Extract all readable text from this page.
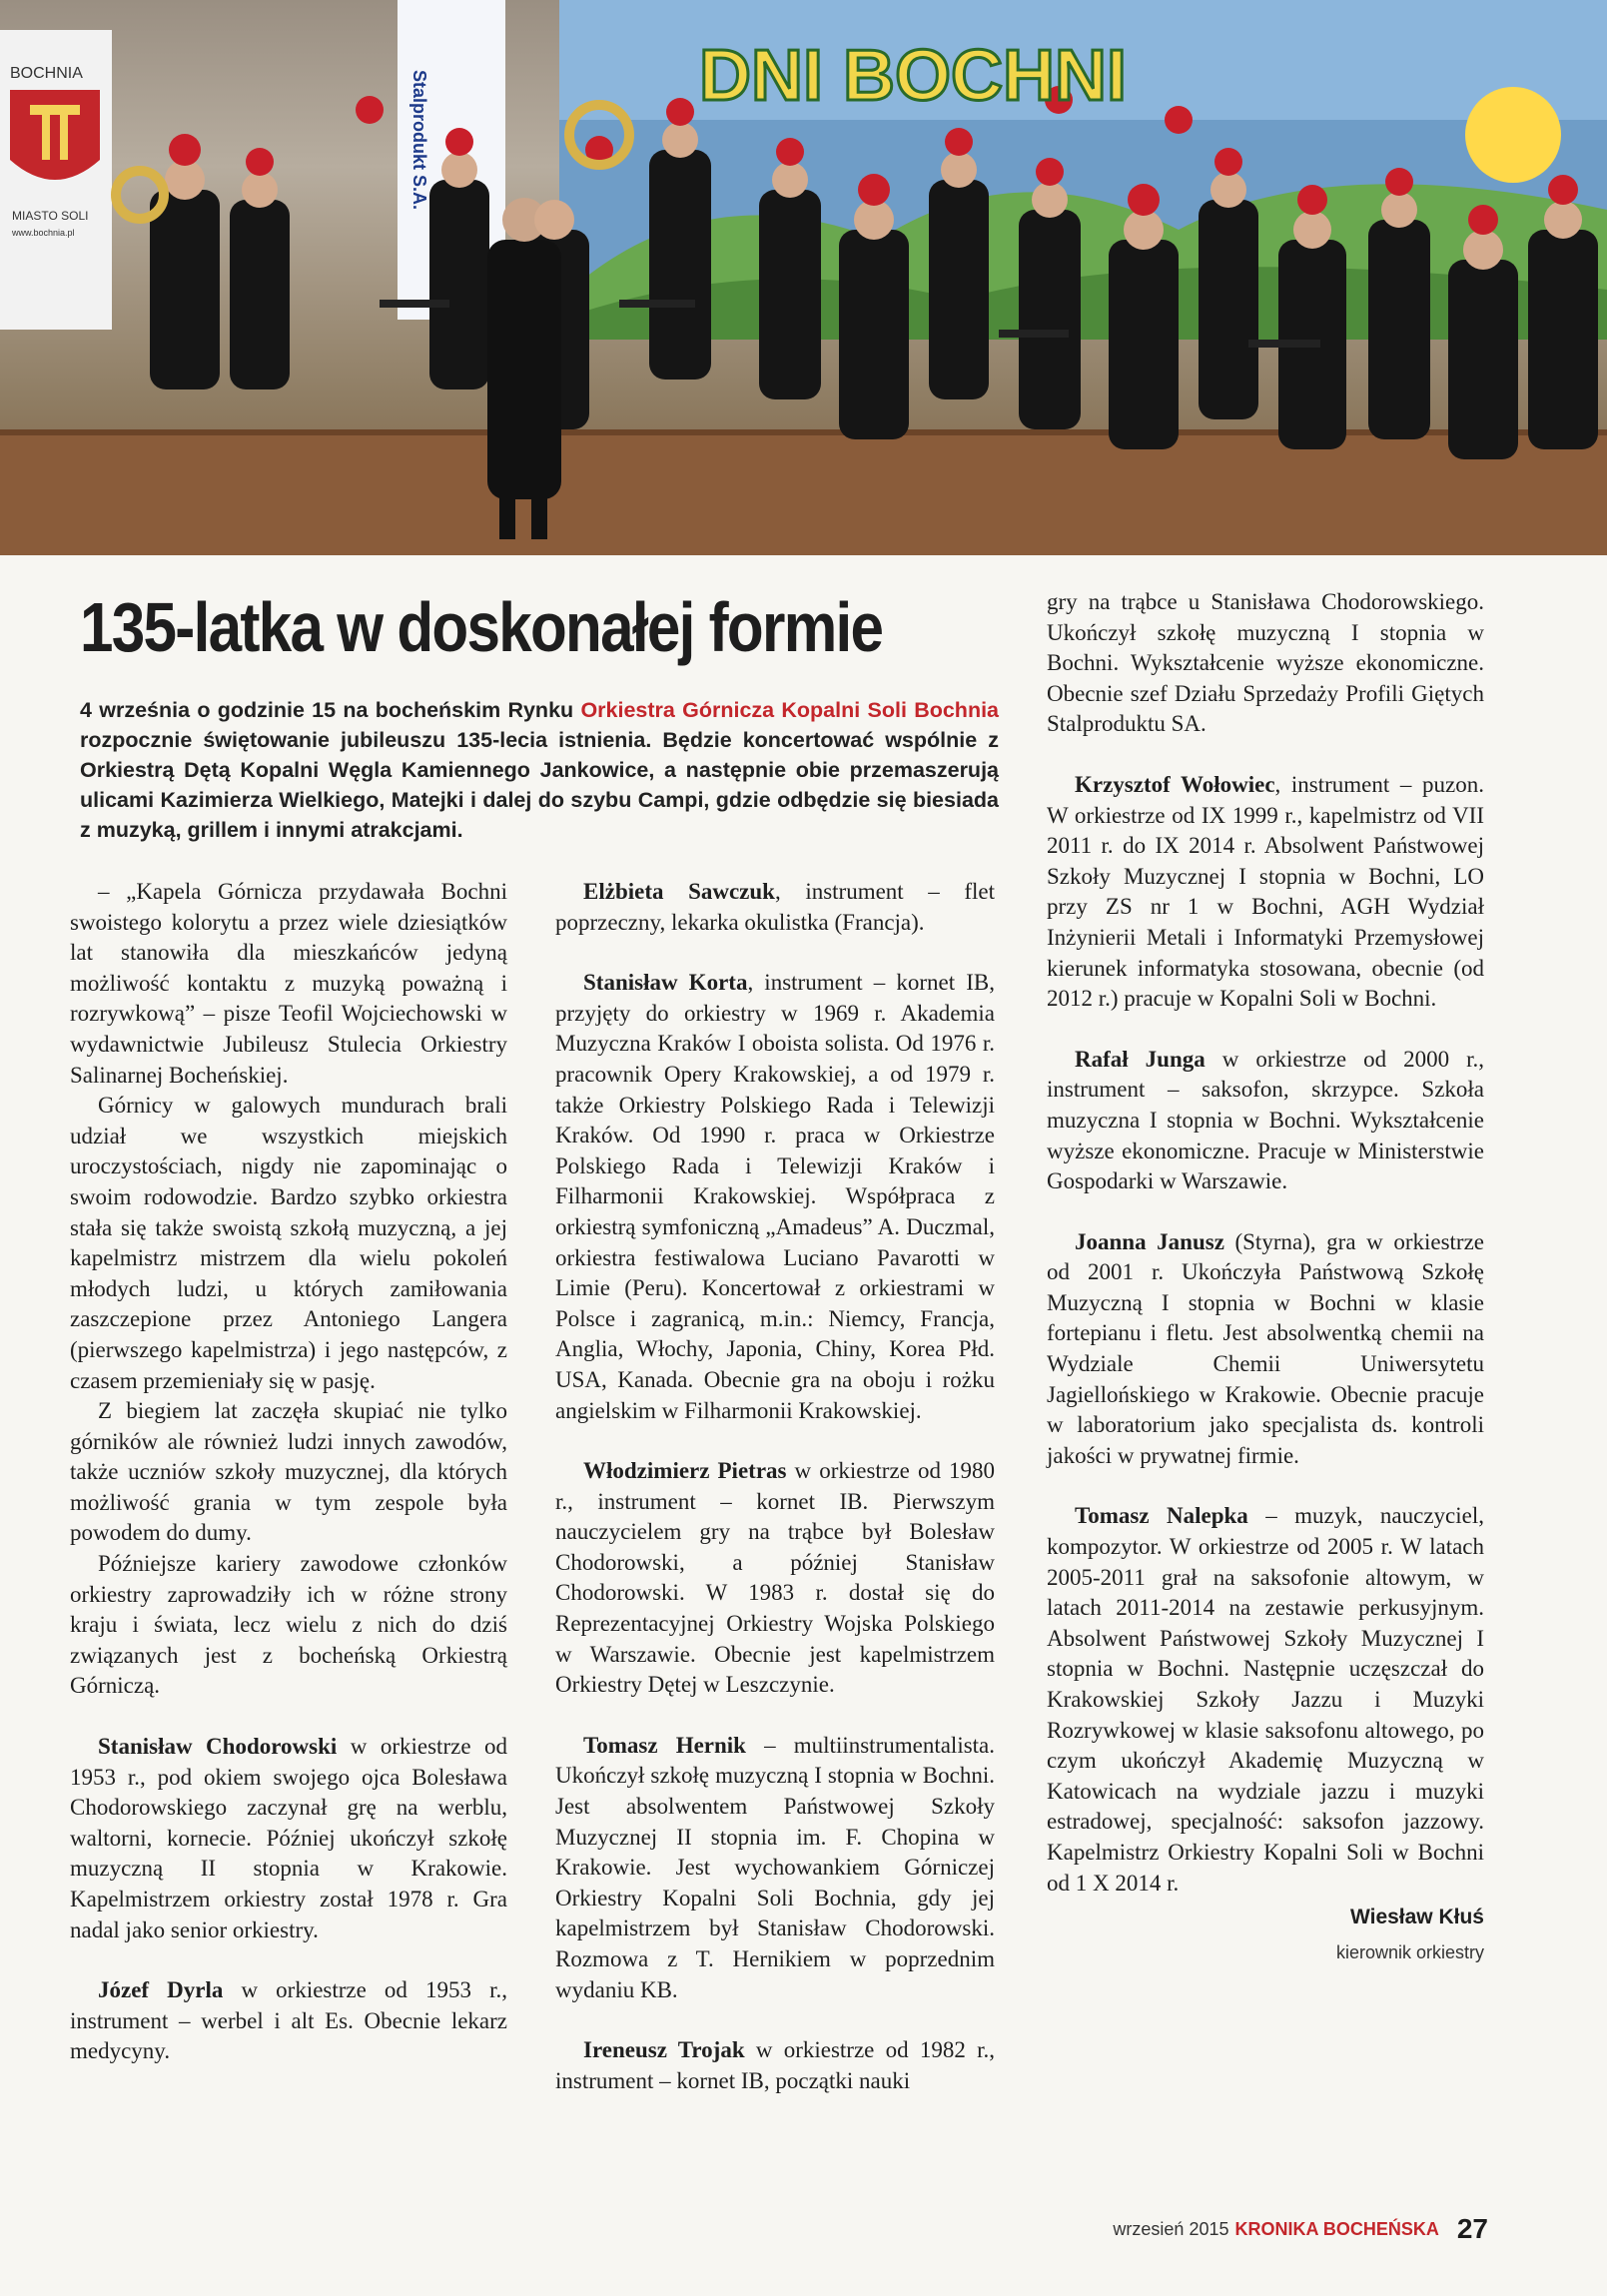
BOCHNIA
MIASTO SOLI
www.bochnia.pl
Stalprodukt S.A.	DNI BOCHNI
135-latka w doskonałej formie
4 września o godzinie 15 na bocheńskim Rynku Orkiestra Górnicza Kopalni Soli Bochnia rozpocznie świętowanie jubileuszu 135-lecia istnienia. Będzie koncertować wspólnie z Orkiestrą Dętą Kopalni Węgla Kamiennego Jankowice, a następnie obie przemaszerują ulicami Kazimierza Wielkiego, Matejki i dalej do szybu Campi, gdzie odbędzie się biesiada z muzyką, grillem i innymi atrakcjami.

– „Kapela Górnicza przydawała Bochni swoistego kolorytu a przez wiele dziesiątków lat stanowiła dla mieszkańców jedyną możliwość kontaktu z muzyką poważną i rozrywkową” – pisze Teofil Wojciechowski w wydawnictwie Jubileusz Stulecia Orkiestry Salinarnej Bocheńskiej.

Górnicy w galowych mundurach brali udział we wszystkich miejskich uroczystościach, nigdy nie zapominając o swoim rodowodzie. Bardzo szybko orkiestra stała się także swoistą szkołą muzyczną, a jej kapelmistrz mistrzem dla wielu pokoleń młodych ludzi, u których zamiłowania zaszczepione przez Antoniego Langera (pierwszego kapelmistrza) i jego następców, z czasem przemieniały się w pasję.

Z biegiem lat zaczęła skupiać nie tylko górników ale również ludzi innych zawodów, także uczniów szkoły muzycznej, dla których możliwość grania w tym zespole była powodem do dumy.

Późniejsze kariery zawodowe członków orkiestry zaprowadziły ich w różne strony kraju i świata, lecz wielu z nich do dziś związanych jest z bocheńską Orkiestrą Górniczą.

Stanisław Chodorowski w orkiestrze od 1953 r., pod okiem swojego ojca Bolesława Chodorowskiego zaczynał grę na werblu, waltorni, kornecie. Później ukończył szkołę muzyczną II stopnia w Krakowie. Kapelmistrzem orkiestry został 1978 r. Gra nadal jako senior orkiestry.

Józef Dyrla w orkiestrze od 1953 r., instrument – werbel i alt Es. Obecnie lekarz medycyny.

Elżbieta Sawczuk, instrument – flet poprzeczny, lekarka okulistka (Francja).

Stanisław Korta, instrument – kornet IB, przyjęty do orkiestry w 1969 r. Akademia Muzyczna Kraków I oboista solista. Od 1976 r. pracownik Opery Krakowskiej, a od 1979 r. także Orkiestry Polskiego Rada i Telewizji Kraków. Od 1990 r. praca w Orkiestrze Polskiego Rada i Telewizji Kraków i Filharmonii Krakowskiej. Współpraca z orkiestrą symfoniczną „Amadeus” A. Duczmal, orkiestra festiwalowa Luciano Pavarotti w Limie (Peru). Koncertował z orkiestrami w Polsce i zagranicą, m.in.: Niemcy, Francja, Anglia, Włochy, Japonia, Chiny, Korea Płd. USA, Kanada. Obecnie gra na oboju i rożku angielskim w Filharmonii Krakowskiej.

Włodzimierz Pietras w orkiestrze od 1980 r., instrument – kornet IB. Pierwszym nauczycielem gry na trąbce był Bolesław Chodorowski, a później Stanisław Chodorowski. W 1983 r. dostał się do Reprezentacyjnej Orkiestry Wojska Polskiego w Warszawie. Obecnie jest kapelmistrzem Orkiestry Dętej w Leszczynie.

Tomasz Hernik – multiinstrumentalista. Ukończył szkołę muzyczną I stopnia w Bochni. Jest absolwentem Państwowej Szkoły Muzycznej II stopnia im. F. Chopina w Krakowie. Jest wychowankiem Górniczej Orkiestry Kopalni Soli Bochnia, gdy jej kapelmistrzem był Stanisław Chodorowski. Rozmowa z T. Hernikiem w poprzednim wydaniu KB.

Ireneusz Trojak w orkiestrze od 1982 r., instrument – kornet IB, początki nauki

gry na trąbce u Stanisława Chodorowskiego. Ukończył szkołę muzyczną I stopnia w Bochni. Wykształcenie wyższe ekonomiczne. Obecnie szef Działu Sprzedaży Profili Giętych Stalproduktu SA.

Krzysztof Wołowiec, instrument – puzon. W orkiestrze od IX 1999 r., kapelmistrz od VII 2011 r. do IX 2014 r. Absolwent Państwowej Szkoły Muzycznej I stopnia w Bochni, LO przy ZS nr 1 w Bochni, AGH Wydział Inżynierii Metali i Informatyki Przemysłowej kierunek informatyka stosowana, obecnie (od 2012 r.) pracuje w Kopalni Soli w Bochni.

Rafał Junga w orkiestrze od 2000 r., instrument – saksofon, skrzypce. Szkoła muzyczna I stopnia w Bochni. Wykształcenie wyższe ekonomiczne. Pracuje w Ministerstwie Gospodarki w Warszawie.

Joanna Janusz (Styrna), gra w orkiestrze od 2001 r. Ukończyła Państwową Szkołę Muzyczną I stopnia w Bochni w klasie fortepianu i fletu. Jest absolwentką chemii na Wydziale Chemii Uniwersytetu Jagiellońskiego w Krakowie. Obecnie pracuje w laboratorium jako specjalista ds. kontroli jakości w prywatnej firmie.

Tomasz Nalepka – muzyk, nauczyciel, kompozytor. W orkiestrze od 2005 r. W latach 2005-2011 grał na saksofonie altowym, w latach 2011-2014 na zestawie perkusyjnym. Absolwent Państwowej Szkoły Muzycznej I stopnia w Bochni. Następnie uczęszczał do Krakowskiej Szkoły Jazzu i Muzyki Rozrywkowej w klasie saksofonu altowego, po czym ukończył Akademię Muzyczną w Katowicach na wydziale jazzu i muzyki estradowej, specjalność: saksofon jazzowy. Kapelmistrz Orkiestry Kopalni Soli w Bochni od 1 X 2014 r.

Wiesław Kłuś
kierownik orkiestry
wrzesień 2015 KRONIKA BOCHEŃSKA 27
